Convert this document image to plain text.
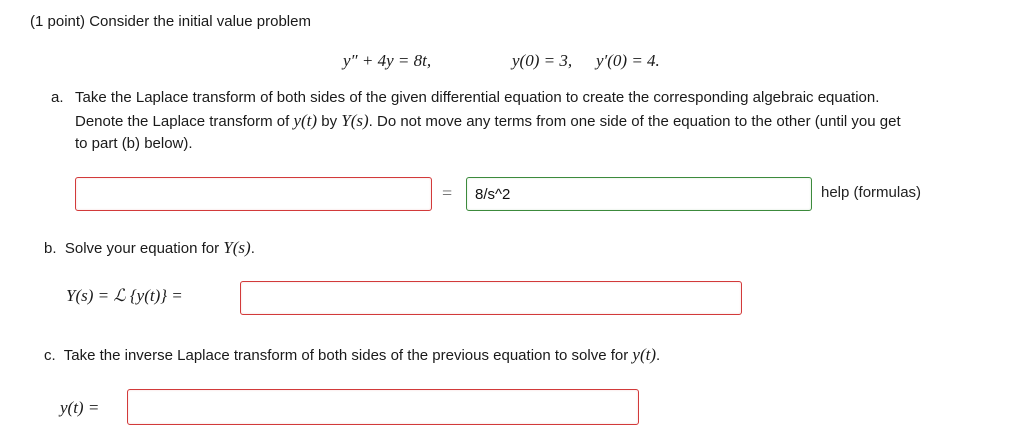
(1 point) Consider the initial value problem
y″ + 4y = 8t,	y(0) = 3, y′(0) = 4.
a. Take the Laplace transform of both sides of the given differential equation to create the corresponding algebraic equation.
Denote the Laplace transform of y(t) by Y(s). Do not move any terms from one side of the equation to the other (until you get
to part (b) below).
=
8/s^2	help (formulas)
b. Solve your equation for Y(s).
Y(s) = ℒ {y(t)} =
c. Take the inverse Laplace transform of both sides of the previous equation to solve for y(t).
y(t) =
